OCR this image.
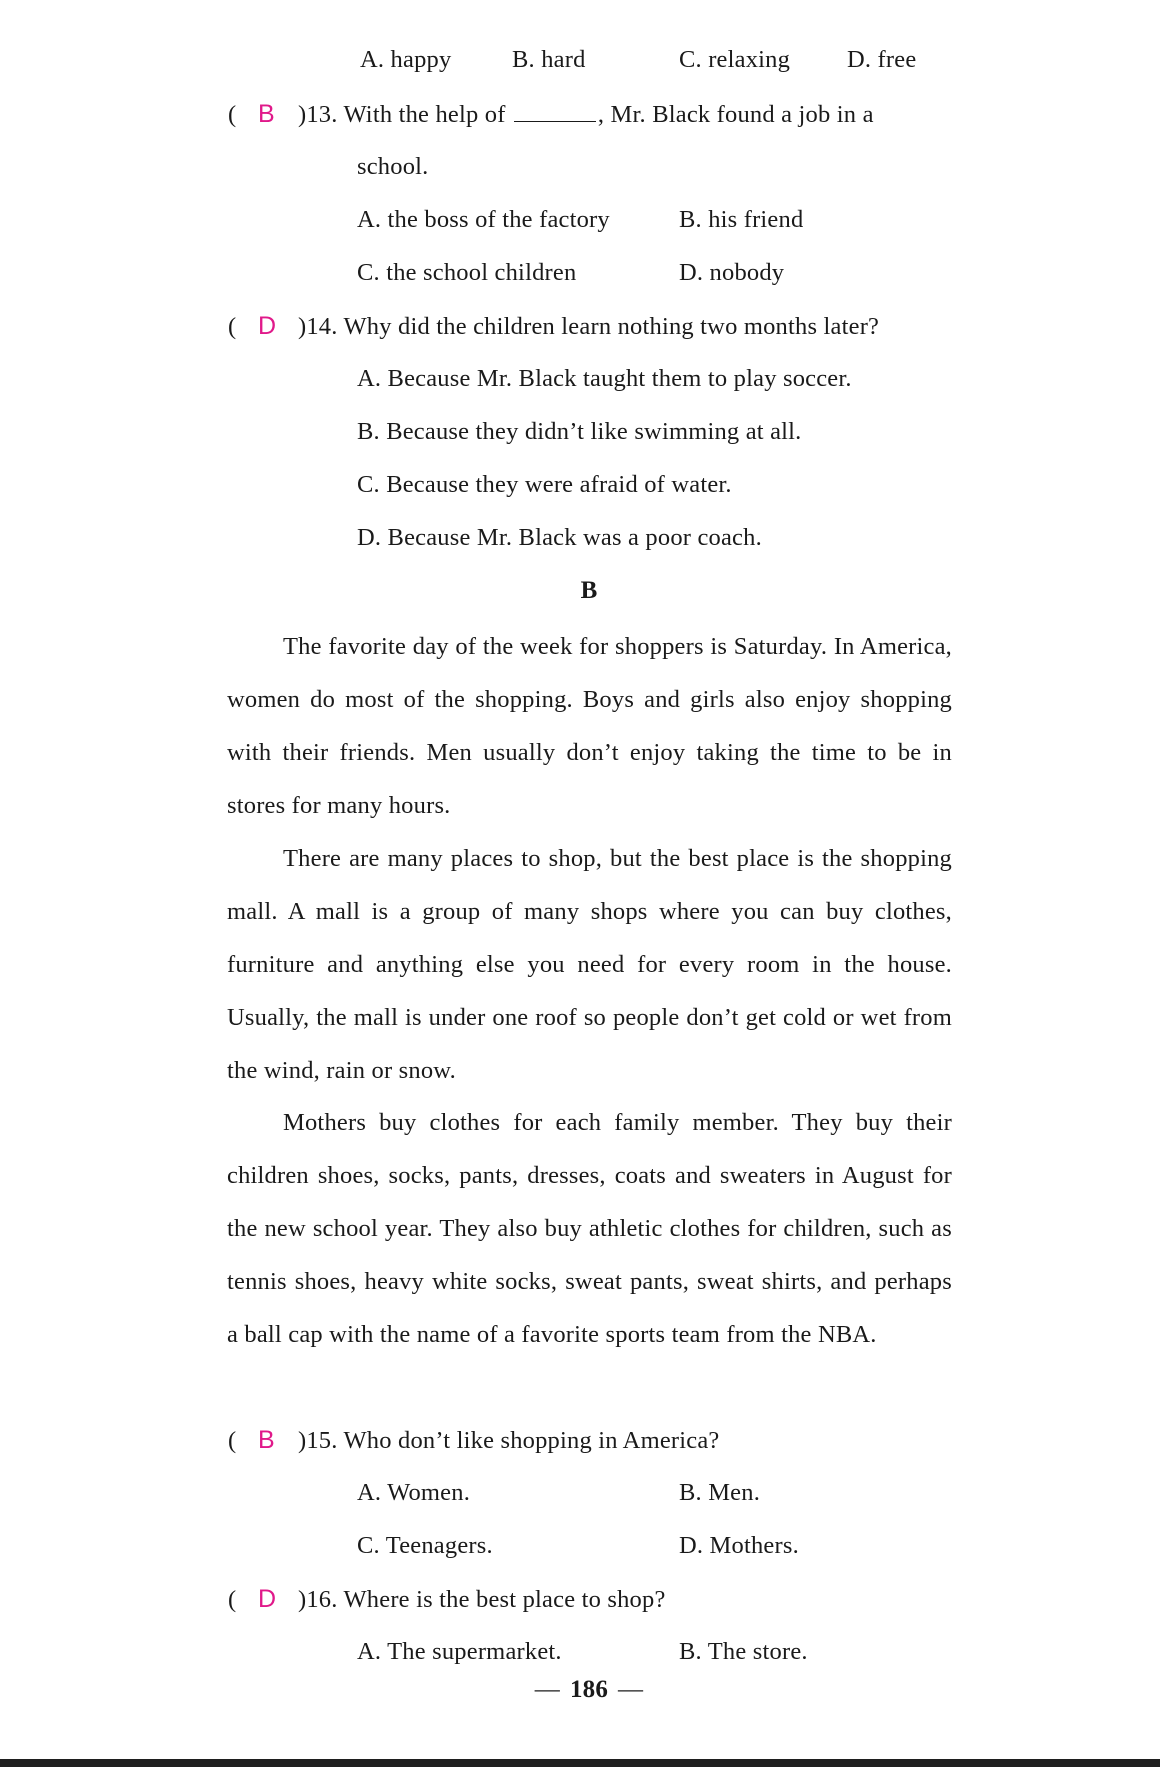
A. happy B. hard	C. relaxing D. free
( B )13. With the help of	, Mr. Black found a job in a
school.
A. the boss of the factory	B. his friend
C. the school children	D. nobody
( D )14. Why did the children learn nothing two months later?
A. Because Mr. Black taught them to play soccer.
B. Because they didn’t like swimming at all.
C. Because they were afraid of water.
D. Because Mr. Black was a poor coach.
B
The favorite day of the week for shoppers is Saturday. In America, women do most of the shopping. Boys and girls also enjoy shopping with their friends. Men usually don’t enjoy taking the time to be in stores for many hours.
There are many places to shop, but the best place is the shopping mall. A mall is a group of many shops where you can buy clothes, furniture and anything else you need for every room in the house. Usually, the mall is under one roof so people don’t get cold or wet from the wind, rain or snow.
Mothers buy clothes for each family member. They buy their children shoes, socks, pants, dresses, coats and sweaters in August for the new school year. They also buy athletic clothes for children, such as tennis shoes, heavy white socks, sweat pants, sweat shirts, and perhaps a ball cap with the name of a favorite sports team from the NBA.
( B )15. Who don’t like shopping in America?
A. Women.	B. Men.
C. Teenagers.	D. Mothers.
( D )16. Where is the best place to shop?
A. The supermarket.	B. The store.
— 186 —
